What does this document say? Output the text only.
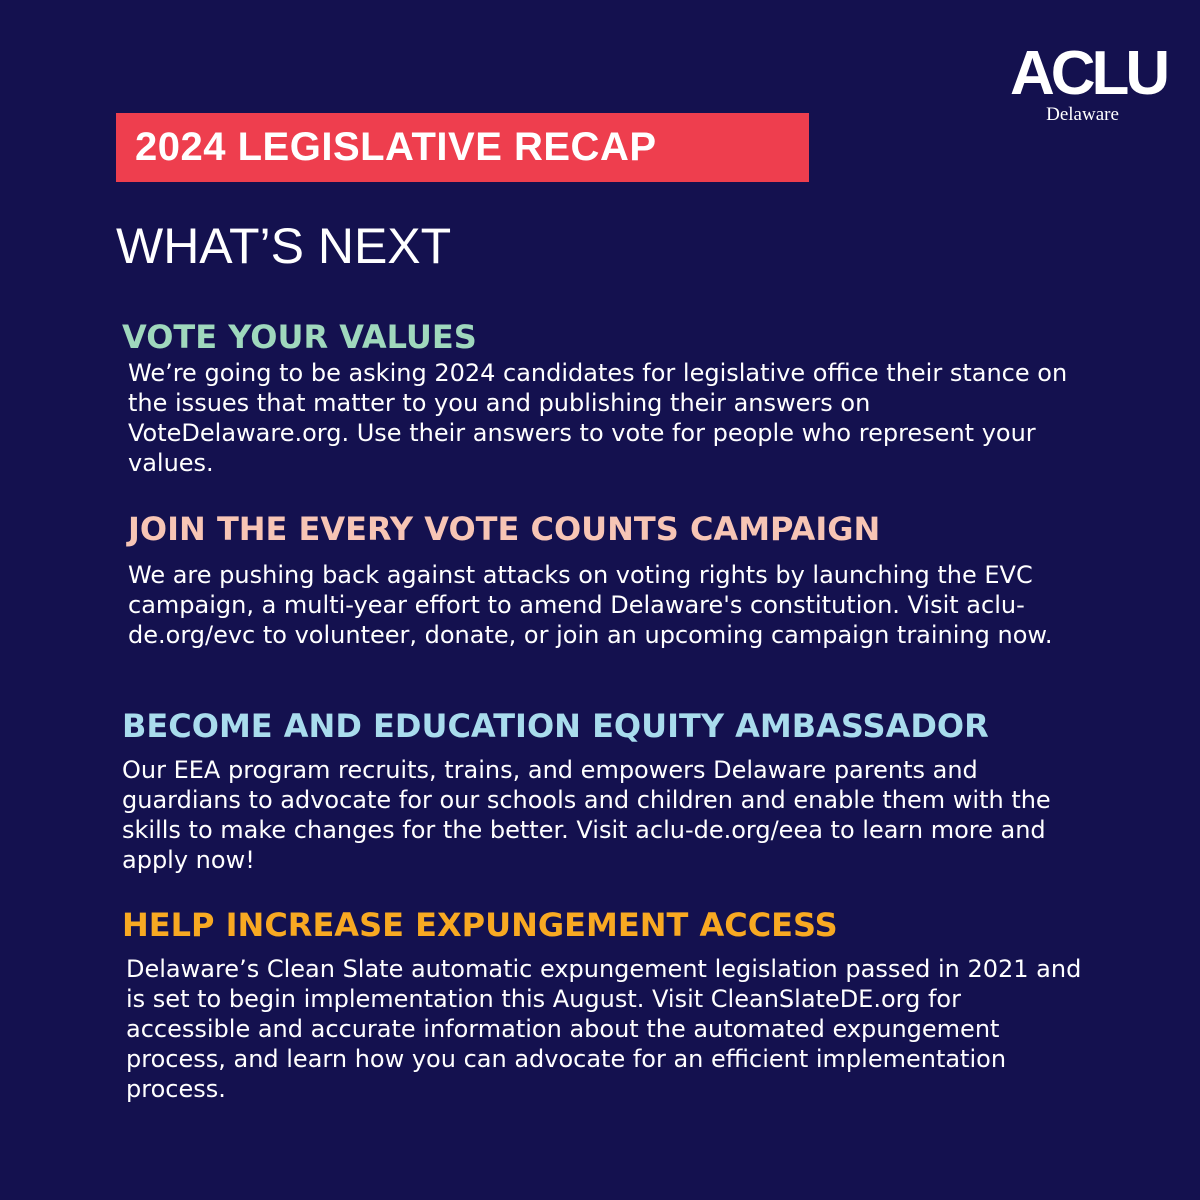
ACLU
Delaware
2024 LEGISLATIVE RECAP
WHAT’S NEXT
VOTE YOUR VALUES

We’re going to be asking 2024 candidates for legislative office their stance on the issues that matter to you and publishing their answers on VoteDelaware.org. Use their answers to vote for people who represent your values.

JOIN THE EVERY VOTE COUNTS CAMPAIGN

We are pushing back against attacks on voting rights by launching the EVC campaign, a multi-year effort to amend Delaware's constitution. Visit aclu-de.org/evc to volunteer, donate, or join an upcoming campaign training now.

BECOME AND EDUCATION EQUITY AMBASSADOR

Our EEA program recruits, trains, and empowers Delaware parents and guardians to advocate for our schools and children and enable them with the skills to make changes for the better. Visit aclu-de.org/eea to learn more and apply now!

HELP INCREASE EXPUNGEMENT ACCESS

Delaware’s Clean Slate automatic expungement legislation passed in 2021 and is set to begin implementation this August. Visit CleanSlateDE.org for accessible and accurate information about the automated expungement process, and learn how you can advocate for an efficient implementation process.
